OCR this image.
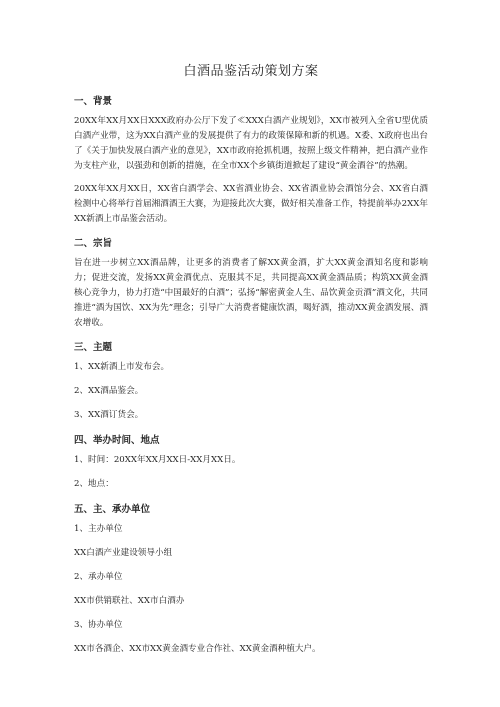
白酒品鉴活动策划方案
一、背景
20XX年XX月XX日XXX政府办公厅下发了≪XXX白酒产业规划》，XX市被列入全省U型优质白酒产业带，这为XX白酒产业的发展提供了有力的政策保障和新的机遇。X委、X政府也出台了《关于加快发展白酒产业的意见》，XX市政府抢抓机遇，按照上级文件精神，把白酒产业作为支柱产业，以强劲和创新的措施，在全市XX个乡镇街道掀起了建设“黄金酒谷”的热潮。
20XX年XX月XX日，XX省白酒学会、XX省酒业协会、XX省酒业协会酒馆分会、XX省白酒检测中心将举行首届湘酒酒王大赛，为迎接此次大赛，做好相关准备工作，特提前举办2XX年XX新酒上市品鉴会活动。
二、宗旨
旨在进一步树立XX酒品牌，让更多的消费者了解XX黄金酒，扩大XX黄金酒知名度和影响力；促进交流，发扬XX黄金酒优点、克服其不足，共同提高XX黄金酒品质；构筑XX黄金酒核心竞争力，协力打造“中国最好的白酒”；弘扬“解密黄金人生、品饮黄金贡酒”酒文化，共同推进“酒为国饮、XX为先”理念；引导广大消费者健康饮酒，喝好酒，推动XX黄金酒发展、酒农增收。
三、主题
1、XX新酒上市发布会。
2、XX酒品鉴会。
3、XX酒订货会。
四、举办时间、地点
1、时间：20XX年XX月XX日-XX月XX日。
2、地点：
五、主、承办单位
1、主办单位
XX白酒产业建设领导小组
2、承办单位
XX市供销联社、XX市白酒办
3、协办单位
XX市各酒企、XX市XX黄金酒专业合作社、XX黄金酒种植大户。
